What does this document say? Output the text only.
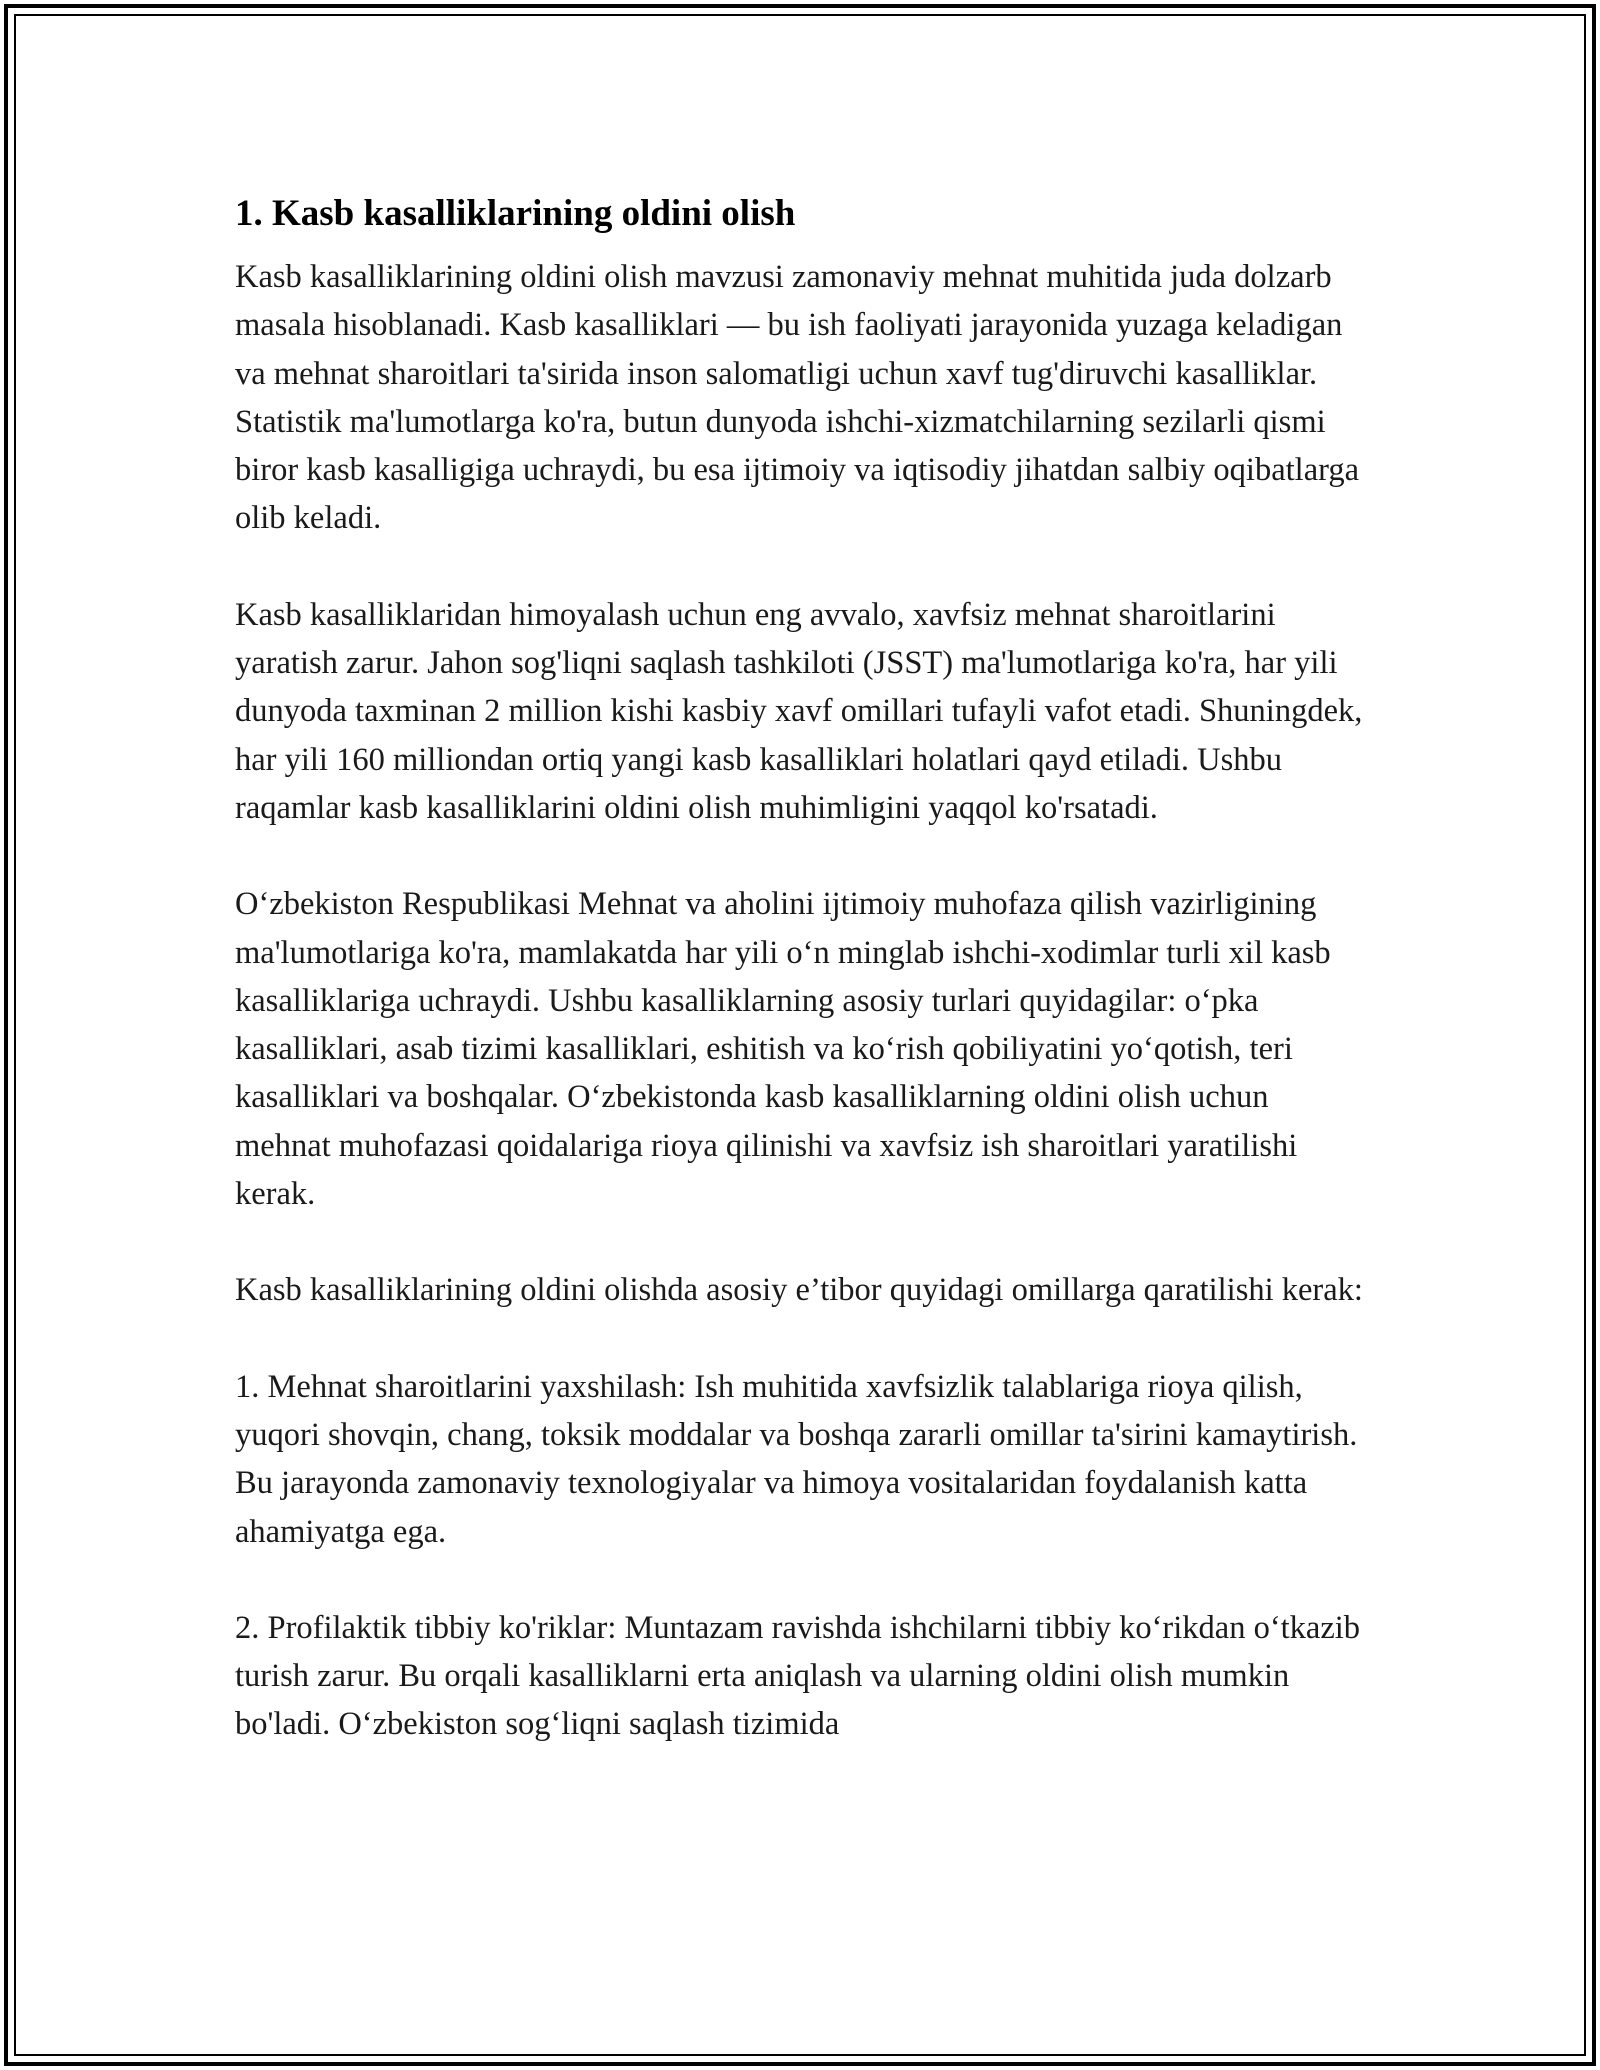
1. Kasb kasalliklarining oldini olish

Kasb kasalliklarining oldini olish mavzusi zamonaviy mehnat muhitida juda dolzarb masala hisoblanadi. Kasb kasalliklari — bu ish faoliyati jarayonida yuzaga keladigan va mehnat sharoitlari ta'sirida inson salomatligi uchun xavf tug'diruvchi kasalliklar. Statistik ma'lumotlarga ko'ra, butun dunyoda ishchi-xizmatchilarning sezilarli qismi biror kasb kasalligiga uchraydi, bu esa ijtimoiy va iqtisodiy jihatdan salbiy oqibatlarga olib keladi.

Kasb kasalliklaridan himoyalash uchun eng avvalo, xavfsiz mehnat sharoitlarini yaratish zarur. Jahon sog'liqni saqlash tashkiloti (JSST) ma'lumotlariga ko'ra, har yili dunyoda taxminan 2 million kishi kasbiy xavf omillari tufayli vafot etadi. Shuningdek, har yili 160 milliondan ortiq yangi kasb kasalliklari holatlari qayd etiladi. Ushbu raqamlar kasb kasalliklarini oldini olish muhimligini yaqqol ko'rsatadi.

O‘zbekiston Respublikasi Mehnat va aholini ijtimoiy muhofaza qilish vazirligining ma'lumotlariga ko'ra, mamlakatda har yili o‘n minglab ishchi-xodimlar turli xil kasb kasalliklariga uchraydi. Ushbu kasalliklarning asosiy turlari quyidagilar: o‘pka kasalliklari, asab tizimi kasalliklari, eshitish va ko‘rish qobiliyatini yo‘qotish, teri kasalliklari va boshqalar. O‘zbekistonda kasb kasalliklarning oldini olish uchun mehnat muhofazasi qoidalariga rioya qilinishi va xavfsiz ish sharoitlari yaratilishi kerak.

Kasb kasalliklarining oldini olishda asosiy e’tibor quyidagi omillarga qaratilishi kerak:

1. Mehnat sharoitlarini yaxshilash: Ish muhitida xavfsizlik talablariga rioya qilish, yuqori shovqin, chang, toksik moddalar va boshqa zararli omillar ta'sirini kamaytirish. Bu jarayonda zamonaviy texnologiyalar va himoya vositalaridan foydalanish katta ahamiyatga ega.

2. Profilaktik tibbiy ko'riklar: Muntazam ravishda ishchilarni tibbiy ko‘rikdan o‘tkazib turish zarur. Bu orqali kasalliklarni erta aniqlash va ularning oldini olish mumkin bo'ladi. O‘zbekiston sog‘liqni saqlash tizimida
